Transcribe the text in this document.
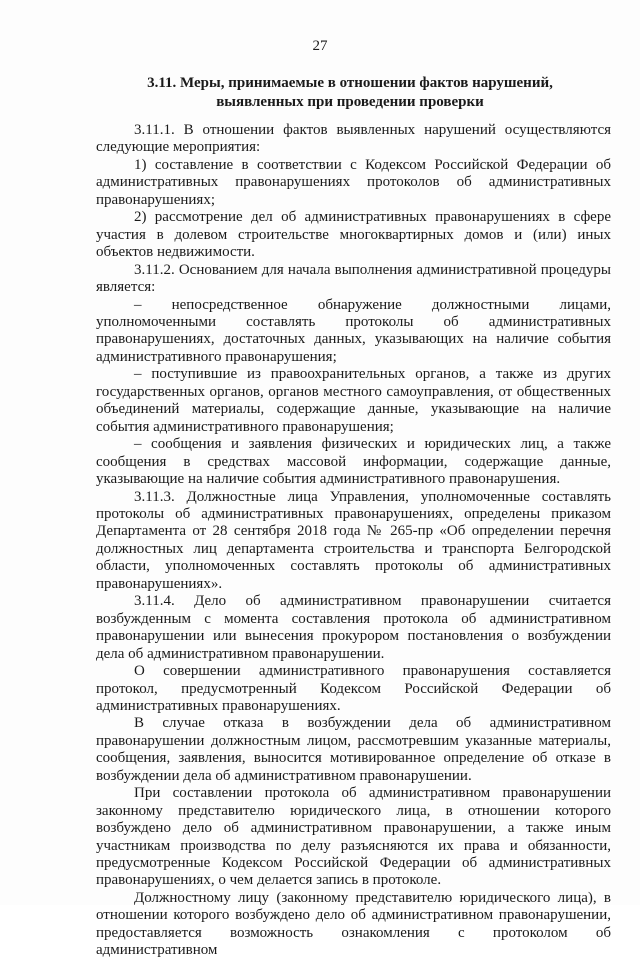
27
3.11. Меры, принимаемые в отношении фактов нарушений,
выявленных при проведении проверки

3.11.1. В отношении фактов выявленных нарушений осуществляются следующие мероприятия:

1) составление в соответствии с Кодексом Российской Федерации об административных правонарушениях протоколов об административных правонарушениях;

2) рассмотрение дел об административных правонарушениях в сфере участия в долевом строительстве многоквартирных домов и (или) иных объектов недвижимости.

3.11.2. Основанием для начала выполнения административной процедуры является:

– непосредственное обнаружение должностными лицами, уполномоченными составлять протоколы об административных правонарушениях, достаточных данных, указывающих на наличие события административного правонарушения;

– поступившие из правоохранительных органов, а также из других государственных органов, органов местного самоуправления, от общественных объединений материалы, содержащие данные, указывающие на наличие события административного правонарушения;

– сообщения и заявления физических и юридических лиц, а также сообщения в средствах массовой информации, содержащие данные, указывающие на наличие события административного правонарушения.

3.11.3. Должностные лица Управления, уполномоченные составлять протоколы об административных правонарушениях, определены приказом Департамента от 28 сентября 2018 года № 265-пр «Об определении перечня должностных лиц департамента строительства и транспорта Белгородской области, уполномоченных составлять протоколы об административных правонарушениях».

3.11.4. Дело об административном правонарушении считается возбужденным с момента составления протокола об административном правонарушении или вынесения прокурором постановления о возбуждении дела об административном правонарушении.

О совершении административного правонарушения составляется протокол, предусмотренный Кодексом Российской Федерации об административных правонарушениях.

В случае отказа в возбуждении дела об административном правонарушении должностным лицом, рассмотревшим указанные материалы, сообщения, заявления, выносится мотивированное определение об отказе в возбуждении дела об административном правонарушении.

При составлении протокола об административном правонарушении законному представителю юридического лица, в отношении которого возбуждено дело об административном правонарушении, а также иным участникам производства по делу разъясняются их права и обязанности, предусмотренные Кодексом Российской Федерации об административных правонарушениях, о чем делается запись в протоколе.

Должностному лицу (законному представителю юридического лица), в отношении которого возбуждено дело об административном правонарушении, предоставляется возможность ознакомления с протоколом об административном
